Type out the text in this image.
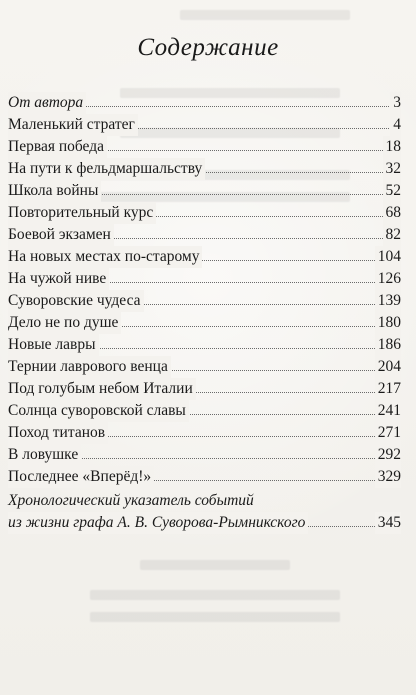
Содержание
От автора	3
Маленький стратег	4
Первая победа	18
На пути к фельдмаршальству	32
Школа войны	52
Повторительный курс	68
Боевой экзамен	82
На новых местах по-старому	104
На чужой ниве	126
Суворовские чудеса	139
Дело не по душе	180
Новые лавры	186
Тернии лаврового венца	204
Под голубым небом Италии	217
Солнца суворовской славы	241
Поход титанов	271
В ловушке	292
Последнее «Вперёд!»	329
Хронологический указатель событий
из жизни графа А. В. Суворова-Рымникского	345
